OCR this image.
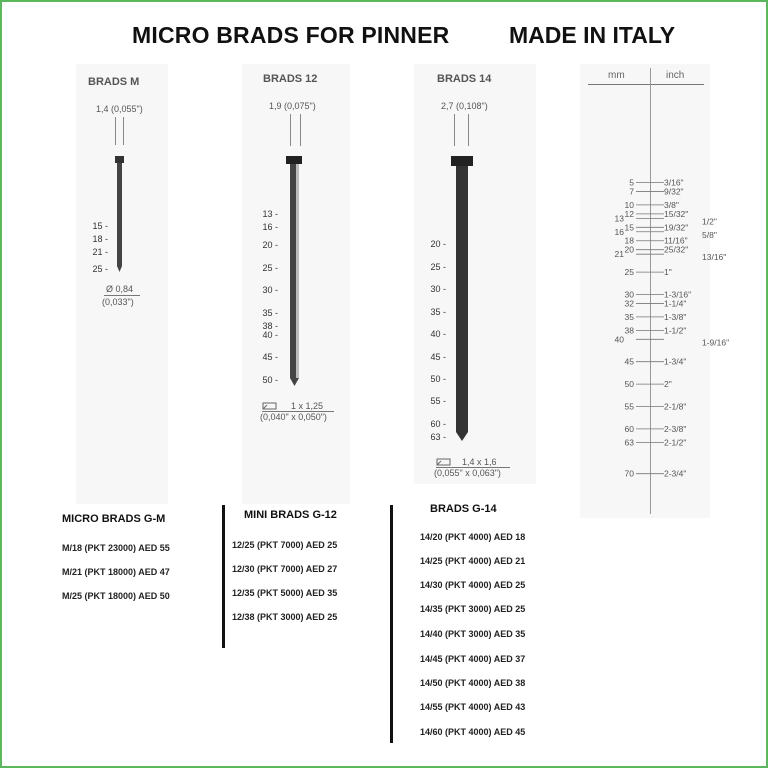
MICRO BRADS FOR PINNER	MADE IN ITALY
BRADS M
1,4 (0,055")
15 -
18 -
21 -
25 -
Ø 0,84
(0,033")
BRADS 12
1,9 (0,075")
13 -
16 -
20 -
25 -
30 -
35 -
38 -
40 -
45 -
50 -
1 x 1,25
(0,040" x 0,050")
BRADS 14
2,7 (0,108")
20 -
25 -
30 -
35 -
40 -
45 -
50 -
55 -
60 -
63 -
1,4 x 1,6
(0,055" x 0,063")
mm	inch
5	3/16"
7	9/32"
10	3/8"
12	15/32"
13	1/2"
15	19/32"
16	5/8"
18	11/16"
20	25/32"
21	13/16"
25	1"
30	1-3/16"
32	1-1/4"
35	1-3/8"
38	1-1/2"
40	1-9/16"
45	1-3/4"
50	2"
55	2-1/8"
60	2-3/8"
63	2-1/2"
70	2-3/4"
MICRO BRADS G-M
M/18 (PKT 23000) AED 55
M/21 (PKT 18000) AED 47
M/25 (PKT 18000) AED 50
MINI BRADS G-12
12/25 (PKT 7000) AED 25
12/30 (PKT 7000) AED 27
12/35 (PKT 5000) AED 35
12/38 (PKT 3000) AED 25
BRADS G-14
14/20 (PKT 4000) AED 18
14/25 (PKT 4000) AED 21
14/30 (PKT 4000) AED 25
14/35 (PKT 3000) AED 25
14/40 (PKT 3000) AED 35
14/45 (PKT 4000) AED 37
14/50 (PKT 4000) AED 38
14/55 (PKT 4000) AED 43
14/60 (PKT 4000) AED 45
